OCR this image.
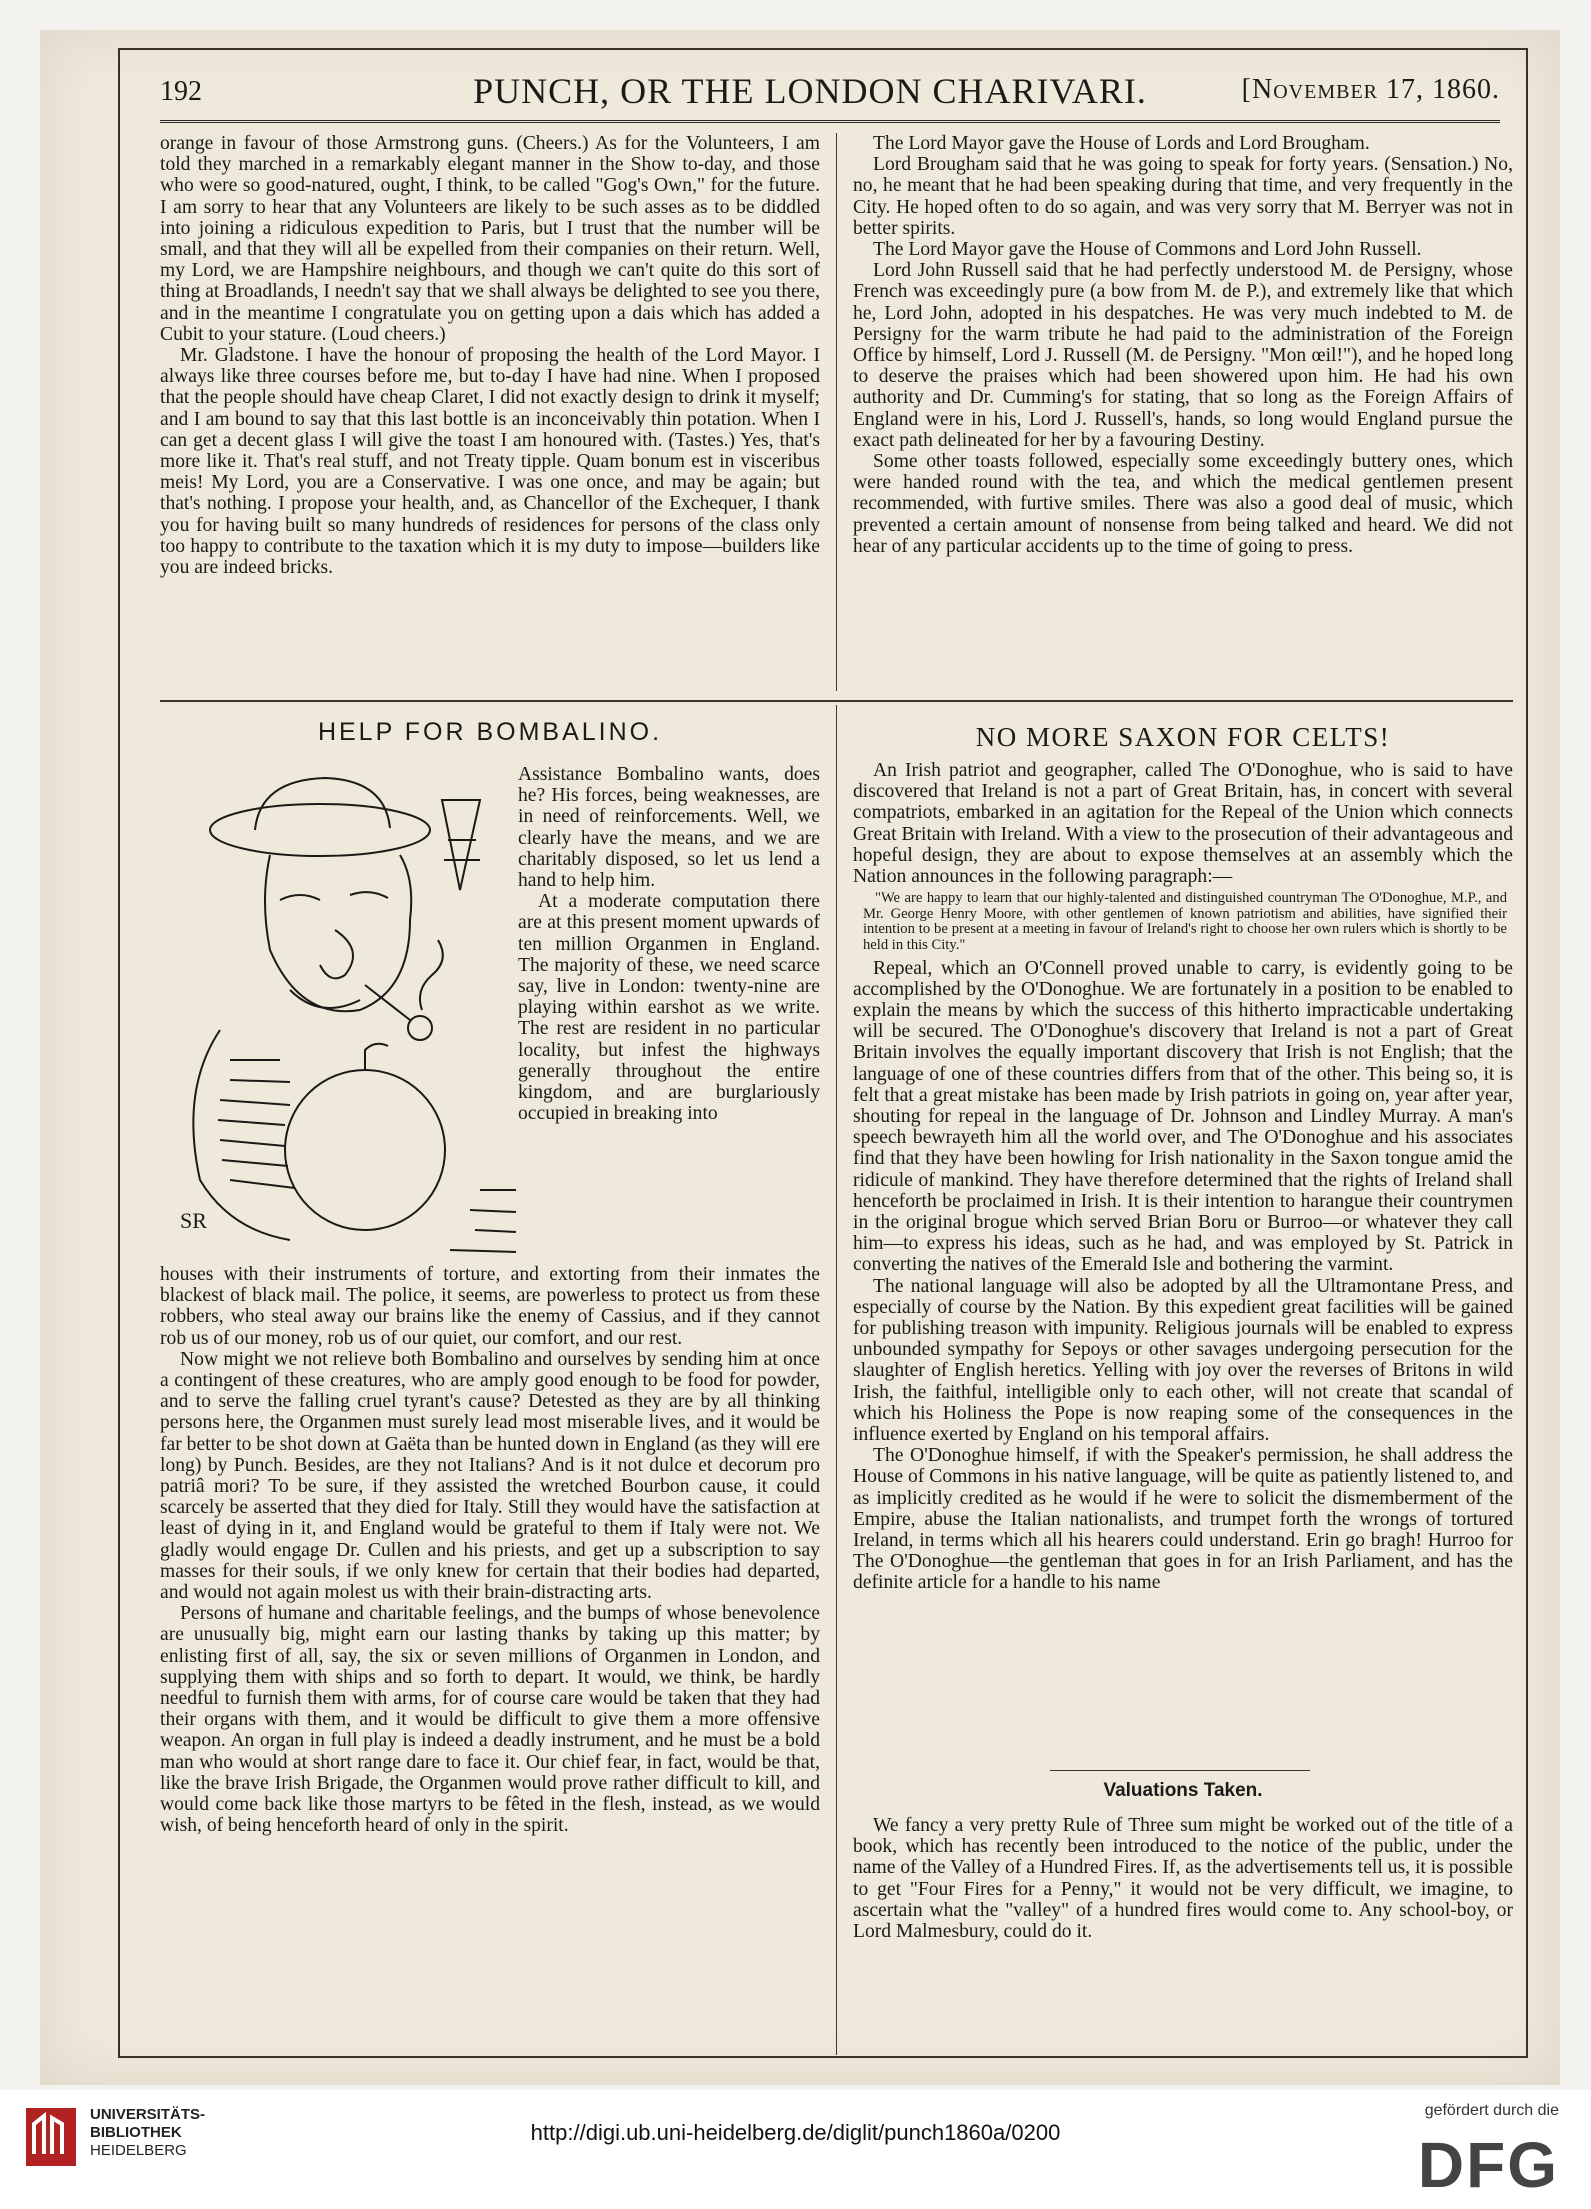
192	PUNCH, OR THE LONDON CHARIVARI.	[November 17, 1860.

orange in favour of those Armstrong guns. (Cheers.) As for the Volunteers, I am told they marched in a remarkably elegant manner in the Show to-day, and those who were so good-natured, ought, I think, to be called "Gog's Own," for the future. I am sorry to hear that any Volunteers are likely to be such asses as to be diddled into joining a ridiculous expedition to Paris, but I trust that the number will be small, and that they will all be expelled from their companies on their return. Well, my Lord, we are Hampshire neighbours, and though we can't quite do this sort of thing at Broadlands, I needn't say that we shall always be delighted to see you there, and in the meantime I congratulate you on getting upon a dais which has added a Cubit to your stature. (Loud cheers.)

Mr. Gladstone. I have the honour of proposing the health of the Lord Mayor. I always like three courses before me, but to-day I have had nine. When I proposed that the people should have cheap Claret, I did not exactly design to drink it myself; and I am bound to say that this last bottle is an inconceivably thin potation. When I can get a decent glass I will give the toast I am honoured with. (Tastes.) Yes, that's more like it. That's real stuff, and not Treaty tipple. Quam bonum est in visceribus meis! My Lord, you are a Conservative. I was one once, and may be again; but that's nothing. I propose your health, and, as Chancellor of the Exchequer, I thank you for having built so many hundreds of residences for persons of the class only too happy to contribute to the taxation which it is my duty to impose—builders like you are indeed bricks.

The Lord Mayor gave the House of Lords and Lord Brougham.

Lord Brougham said that he was going to speak for forty years. (Sensation.) No, no, he meant that he had been speaking during that time, and very frequently in the City. He hoped often to do so again, and was very sorry that M. Berryer was not in better spirits.

The Lord Mayor gave the House of Commons and Lord John Russell.

Lord John Russell said that he had perfectly understood M. de Persigny, whose French was exceedingly pure (a bow from M. de P.), and extremely like that which he, Lord John, adopted in his despatches. He was very much indebted to M. de Persigny for the warm tribute he had paid to the administration of the Foreign Office by himself, Lord J. Russell (M. de Persigny. "Mon œil!"), and he hoped long to deserve the praises which had been showered upon him. He had his own authority and Dr. Cumming's for stating, that so long as the Foreign Affairs of England were in his, Lord J. Russell's, hands, so long would England pursue the exact path delineated for her by a favouring Destiny.

Some other toasts followed, especially some exceedingly buttery ones, which were handed round with the tea, and which the medical gentlemen present recommended, with furtive smiles. There was also a good deal of music, which prevented a certain amount of nonsense from being talked and heard. We did not hear of any particular accidents up to the time of going to press.

HELP FOR BOMBALINO.
SR

Assistance Bombalino wants, does he? His forces, being weaknesses, are in need of reinforcements. Well, we clearly have the means, and we are charitably disposed, so let us lend a hand to help him.

At a moderate computation there are at this present moment upwards of ten million Organmen in England. The majority of these, we need scarce say, live in London: twenty-nine are playing within earshot as we write. The rest are resident in no particular locality, but infest the highways generally throughout the entire kingdom, and are burglariously occupied in breaking into

houses with their instruments of torture, and extorting from their inmates the blackest of black mail. The police, it seems, are powerless to protect us from these robbers, who steal away our brains like the enemy of Cassius, and if they cannot rob us of our money, rob us of our quiet, our comfort, and our rest.

Now might we not relieve both Bombalino and ourselves by sending him at once a contingent of these creatures, who are amply good enough to be food for powder, and to serve the falling cruel tyrant's cause? Detested as they are by all thinking persons here, the Organmen must surely lead most miserable lives, and it would be far better to be shot down at Gaëta than be hunted down in England (as they will ere long) by Punch. Besides, are they not Italians? And is it not dulce et decorum pro patriâ mori? To be sure, if they assisted the wretched Bourbon cause, it could scarcely be asserted that they died for Italy. Still they would have the satisfaction at least of dying in it, and England would be grateful to them if Italy were not. We gladly would engage Dr. Cullen and his priests, and get up a subscription to say masses for their souls, if we only knew for certain that their bodies had departed, and would not again molest us with their brain-distracting arts.

Persons of humane and charitable feelings, and the bumps of whose benevolence are unusually big, might earn our lasting thanks by taking up this matter; by enlisting first of all, say, the six or seven millions of Organmen in London, and supplying them with ships and so forth to depart. It would, we think, be hardly needful to furnish them with arms, for of course care would be taken that they had their organs with them, and it would be difficult to give them a more offensive weapon. An organ in full play is indeed a deadly instrument, and he must be a bold man who would at short range dare to face it. Our chief fear, in fact, would be that, like the brave Irish Brigade, the Organmen would prove rather difficult to kill, and would come back like those martyrs to be fêted in the flesh, instead, as we would wish, of being henceforth heard of only in the spirit.

NO MORE SAXON FOR CELTS!

An Irish patriot and geographer, called The O'Donoghue, who is said to have discovered that Ireland is not a part of Great Britain, has, in concert with several compatriots, embarked in an agitation for the Repeal of the Union which connects Great Britain with Ireland. With a view to the prosecution of their advantageous and hopeful design, they are about to expose themselves at an assembly which the Nation announces in the following paragraph:—

"We are happy to learn that our highly-talented and distinguished countryman The O'Donoghue, M.P., and Mr. George Henry Moore, with other gentlemen of known patriotism and abilities, have signified their intention to be present at a meeting in favour of Ireland's right to choose her own rulers which is shortly to be held in this City."

Repeal, which an O'Connell proved unable to carry, is evidently going to be accomplished by the O'Donoghue. We are fortunately in a position to be enabled to explain the means by which the success of this hitherto impracticable undertaking will be secured. The O'Donoghue's discovery that Ireland is not a part of Great Britain involves the equally important discovery that Irish is not English; that the language of one of these countries differs from that of the other. This being so, it is felt that a great mistake has been made by Irish patriots in going on, year after year, shouting for repeal in the language of Dr. Johnson and Lindley Murray. A man's speech bewrayeth him all the world over, and The O'Donoghue and his associates find that they have been howling for Irish nationality in the Saxon tongue amid the ridicule of mankind. They have therefore determined that the rights of Ireland shall henceforth be proclaimed in Irish. It is their intention to harangue their countrymen in the original brogue which served Brian Boru or Burroo—or whatever they call him—to express his ideas, such as he had, and was employed by St. Patrick in converting the natives of the Emerald Isle and bothering the varmint.

The national language will also be adopted by all the Ultramontane Press, and especially of course by the Nation. By this expedient great facilities will be gained for publishing treason with impunity. Religious journals will be enabled to express unbounded sympathy for Sepoys or other savages undergoing persecution for the slaughter of English heretics. Yelling with joy over the reverses of Britons in wild Irish, the faithful, intelligible only to each other, will not create that scandal of which his Holiness the Pope is now reaping some of the consequences in the influence exerted by England on his temporal affairs.

The O'Donoghue himself, if with the Speaker's permission, he shall address the House of Commons in his native language, will be quite as patiently listened to, and as implicitly credited as he would if he were to solicit the dismemberment of the Empire, abuse the Italian nationalists, and trumpet forth the wrongs of tortured Ireland, in terms which all his hearers could understand. Erin go bragh! Hurroo for The O'Donoghue—the gentleman that goes in for an Irish Parliament, and has the definite article for a handle to his name

Valuations Taken.

We fancy a very pretty Rule of Three sum might be worked out of the title of a book, which has recently been introduced to the notice of the public, under the name of the Valley of a Hundred Fires. If, as the advertisements tell us, it is possible to get "Four Fires for a Penny," it would not be very difficult, we imagine, to ascertain what the "valley" of a hundred fires would come to. Any school-boy, or Lord Malmesbury, could do it.

UNIVERSITÄTS-
BIBLIOTHEK
HEIDELBERG
http://digi.ub.uni-heidelberg.de/diglit/punch1860a/0200
gefördert durch die
DFG
